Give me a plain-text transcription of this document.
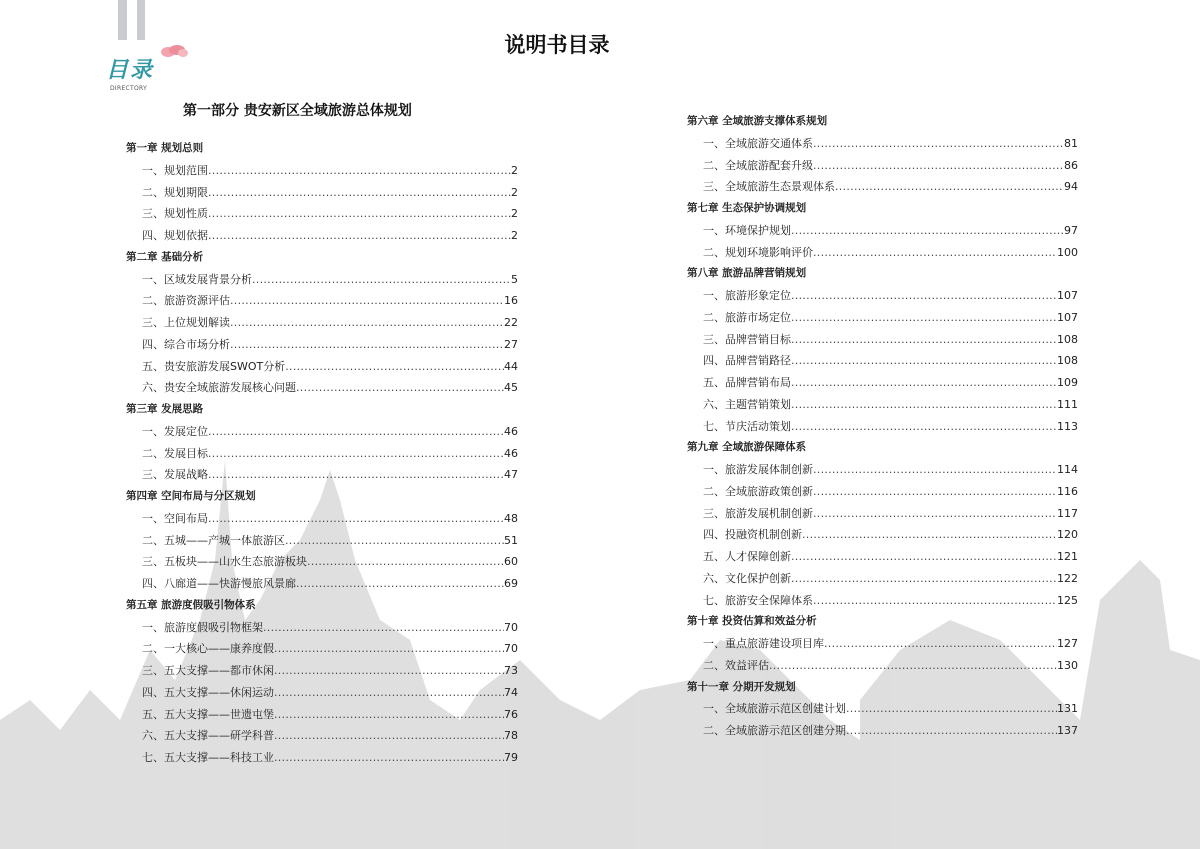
目录
DIRECTORY
说明书目录
第一部分 贵安新区全域旅游总体规划
第一章 规划总则
一、规划范围 .....	2
二、规划期限 .....	2
三、规划性质 .....	2
四、规划依据 .....	2
第二章 基础分析
一、区域发展背景分析 .....	5
二、旅游资源评估 .....	16
三、上位规划解读 .....	22
四、综合市场分析 .....	27
五、贵安旅游发展SWOT分析 .....	44
六、贵安全域旅游发展核心问题 .....	45
第三章 发展思路
一、发展定位 .....	46
二、发展目标 .....	46
三、发展战略 .....	47
第四章 空间布局与分区规划
一、空间布局 .....	48
二、五城——产城一体旅游区 .....	51
三、五板块——山水生态旅游板块 .....	60
四、八廊道——快游慢旅风景廊 .....	69
第五章 旅游度假吸引物体系
一、旅游度假吸引物框架 .....	70
二、一大核心——康养度假 .....	70
三、五大支撑——都市休闲 .....	73
四、五大支撑——休闲运动 .....	74
五、五大支撑——世遗屯堡 .....	76
六、五大支撑——研学科普 .....	78
七、五大支撑——科技工业 .....	79
第六章 全域旅游支撑体系规划
一、全域旅游交通体系 .....	81
二、全域旅游配套升级 .....	86
三、全域旅游生态景观体系 .....	94
第七章 生态保护协调规划
一、环境保护规划 .....	97
二、规划环境影响评价 .....	100
第八章 旅游品牌营销规划
一、旅游形象定位 .....	107
二、旅游市场定位 .....	107
三、品牌营销目标 .....	108
四、品牌营销路径 .....	108
五、品牌营销布局 .....	109
六、主题营销策划 .....	111
七、节庆活动策划 .....	113
第九章 全域旅游保障体系
一、旅游发展体制创新 .....	114
二、全域旅游政策创新 .....	116
三、旅游发展机制创新 .....	117
四、投融资机制创新 .....	120
五、人才保障创新 .....	121
六、文化保护创新 .....	122
七、旅游安全保障体系 .....	125
第十章 投资估算和效益分析
一、重点旅游建设项目库 .....	127
二、效益评估 .....	130
第十一章 分期开发规划
一、全域旅游示范区创建计划 .....	131
二、全域旅游示范区创建分期 .....	137
